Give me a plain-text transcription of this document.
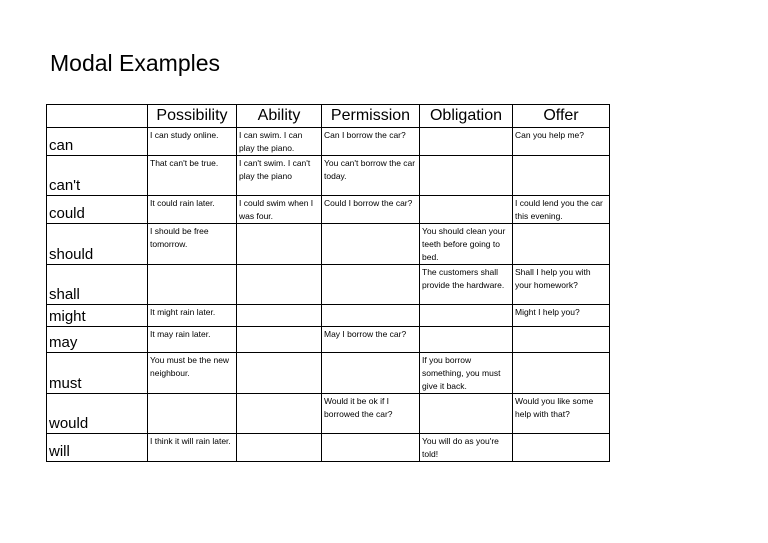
Modal Examples
	Possibility	Ability	Permission	Obligation	Offer
can	I can study online.	I can swim. I can play the piano.	Can I borrow the car?		Can you help me?
can't	That can't be true.	I can't swim. I can't play the piano	You can't borrow the car today.		
could	It could rain later.	I could swim when I was four.	Could I borrow the car?		I could lend you the car this evening.
should	I should be free tomorrow.			You should clean your teeth before going to bed.	
shall				The customers shall provide the hardware.	Shall I help you with your homework?
might	It might rain later.				Might I help you?
may	It may rain later.		May I borrow the car?		
must	You must be the new neighbour.			If you borrow something, you must give it back.	
would			Would it be ok if I borrowed the car?		Would you like some help with that?
will	I think it will rain later.			You will do as you're told!	
